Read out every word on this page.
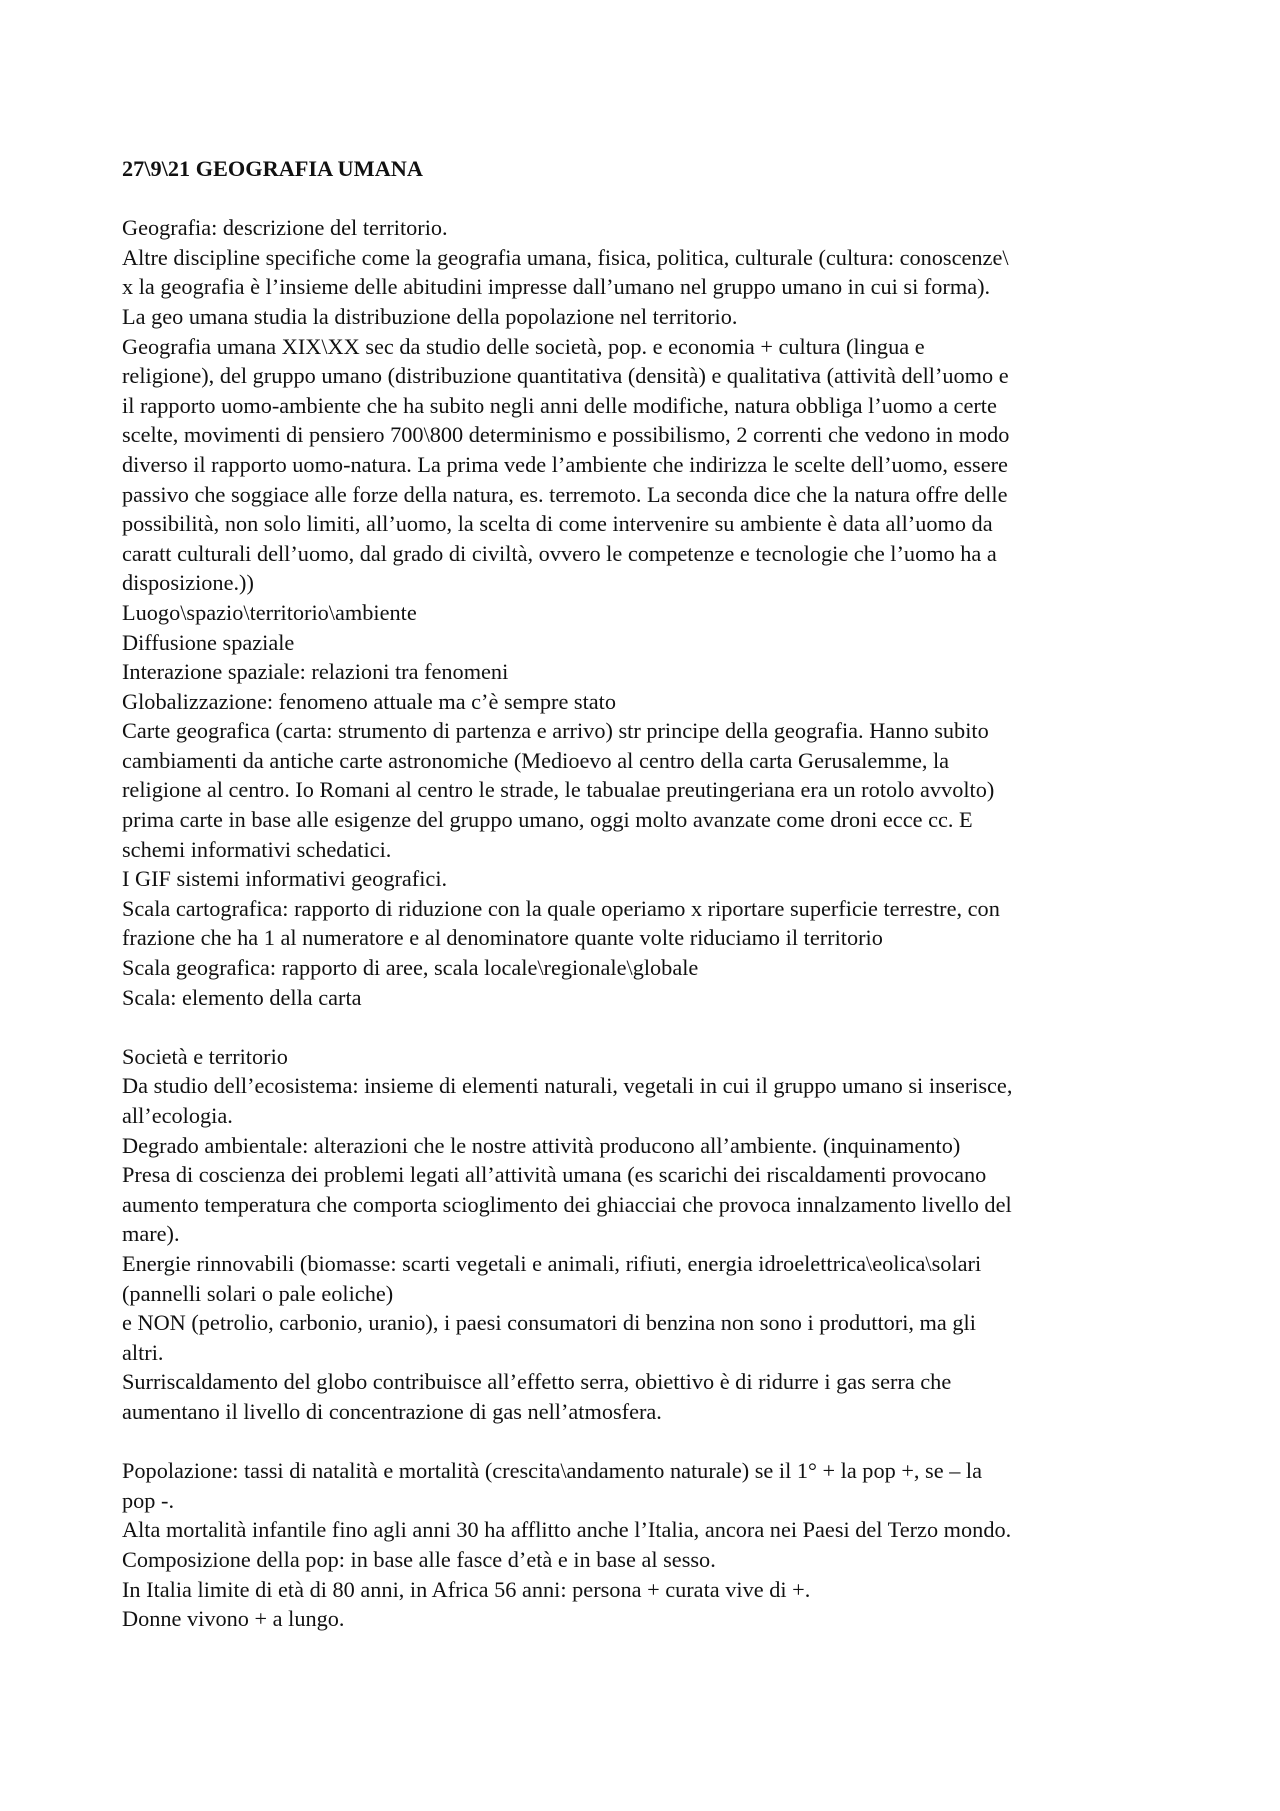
27\9\21 GEOGRAFIA UMANA

Geografia: descrizione del territorio.
Altre discipline specifiche come la geografia umana, fisica, politica, culturale (cultura: conoscenze\
x la geografia è l’insieme delle abitudini impresse dall’umano nel gruppo umano in cui si forma).
La geo umana studia la distribuzione della popolazione nel territorio.
Geografia umana XIX\XX sec da studio delle società, pop. e economia + cultura (lingua e
religione), del gruppo umano (distribuzione quantitativa (densità) e qualitativa (attività dell’uomo e
il rapporto uomo-ambiente che ha subito negli anni delle modifiche, natura obbliga l’uomo a certe
scelte, movimenti di pensiero 700\800 determinismo e possibilismo, 2 correnti che vedono in modo
diverso il rapporto uomo-natura. La prima vede l’ambiente che indirizza le scelte dell’uomo, essere
passivo che soggiace alle forze della natura, es. terremoto. La seconda dice che la natura offre delle
possibilità, non solo limiti, all’uomo, la scelta di come intervenire su ambiente è data all’uomo da
caratt culturali dell’uomo, dal grado di civiltà, ovvero le competenze e tecnologie che l’uomo ha a
disposizione.))
Luogo\spazio\territorio\ambiente
Diffusione spaziale
Interazione spaziale: relazioni tra fenomeni
Globalizzazione: fenomeno attuale ma c’è sempre stato
Carte geografica (carta: strumento di partenza e arrivo) str principe della geografia. Hanno subito
cambiamenti da antiche carte astronomiche (Medioevo al centro della carta Gerusalemme, la
religione al centro. Io Romani al centro le strade, le tabualae preutingeriana era un rotolo avvolto)
prima carte in base alle esigenze del gruppo umano, oggi molto avanzate come droni ecce cc. E
schemi informativi schedatici.
I GIF sistemi informativi geografici.
Scala cartografica: rapporto di riduzione con la quale operiamo x riportare superficie terrestre, con
frazione che ha 1 al numeratore e al denominatore quante volte riduciamo il territorio
Scala geografica: rapporto di aree, scala locale\regionale\globale
Scala: elemento della carta
Società e territorio
Da studio dell’ecosistema: insieme di elementi naturali, vegetali in cui il gruppo umano si inserisce,
all’ecologia.
Degrado ambientale: alterazioni che le nostre attività producono all’ambiente. (inquinamento)
Presa di coscienza dei problemi legati all’attività umana (es scarichi dei riscaldamenti provocano
aumento temperatura che comporta scioglimento dei ghiacciai che provoca innalzamento livello del
mare).
Energie rinnovabili (biomasse: scarti vegetali e animali, rifiuti, energia idroelettrica\eolica\solari
(pannelli solari o pale eoliche)
e NON (petrolio, carbonio, uranio), i paesi consumatori di benzina non sono i produttori, ma gli
altri.
Surriscaldamento del globo contribuisce all’effetto serra, obiettivo è di ridurre i gas serra che
aumentano il livello di concentrazione di gas nell’atmosfera.
Popolazione: tassi di natalità e mortalità (crescita\andamento naturale) se il 1° + la pop +, se – la
pop -.
Alta mortalità infantile fino agli anni 30 ha afflitto anche l’Italia, ancora nei Paesi del Terzo mondo.
Composizione della pop: in base alle fasce d’età e in base al sesso.
In Italia limite di età di 80 anni, in Africa 56 anni: persona + curata vive di +.
Donne vivono + a lungo.
